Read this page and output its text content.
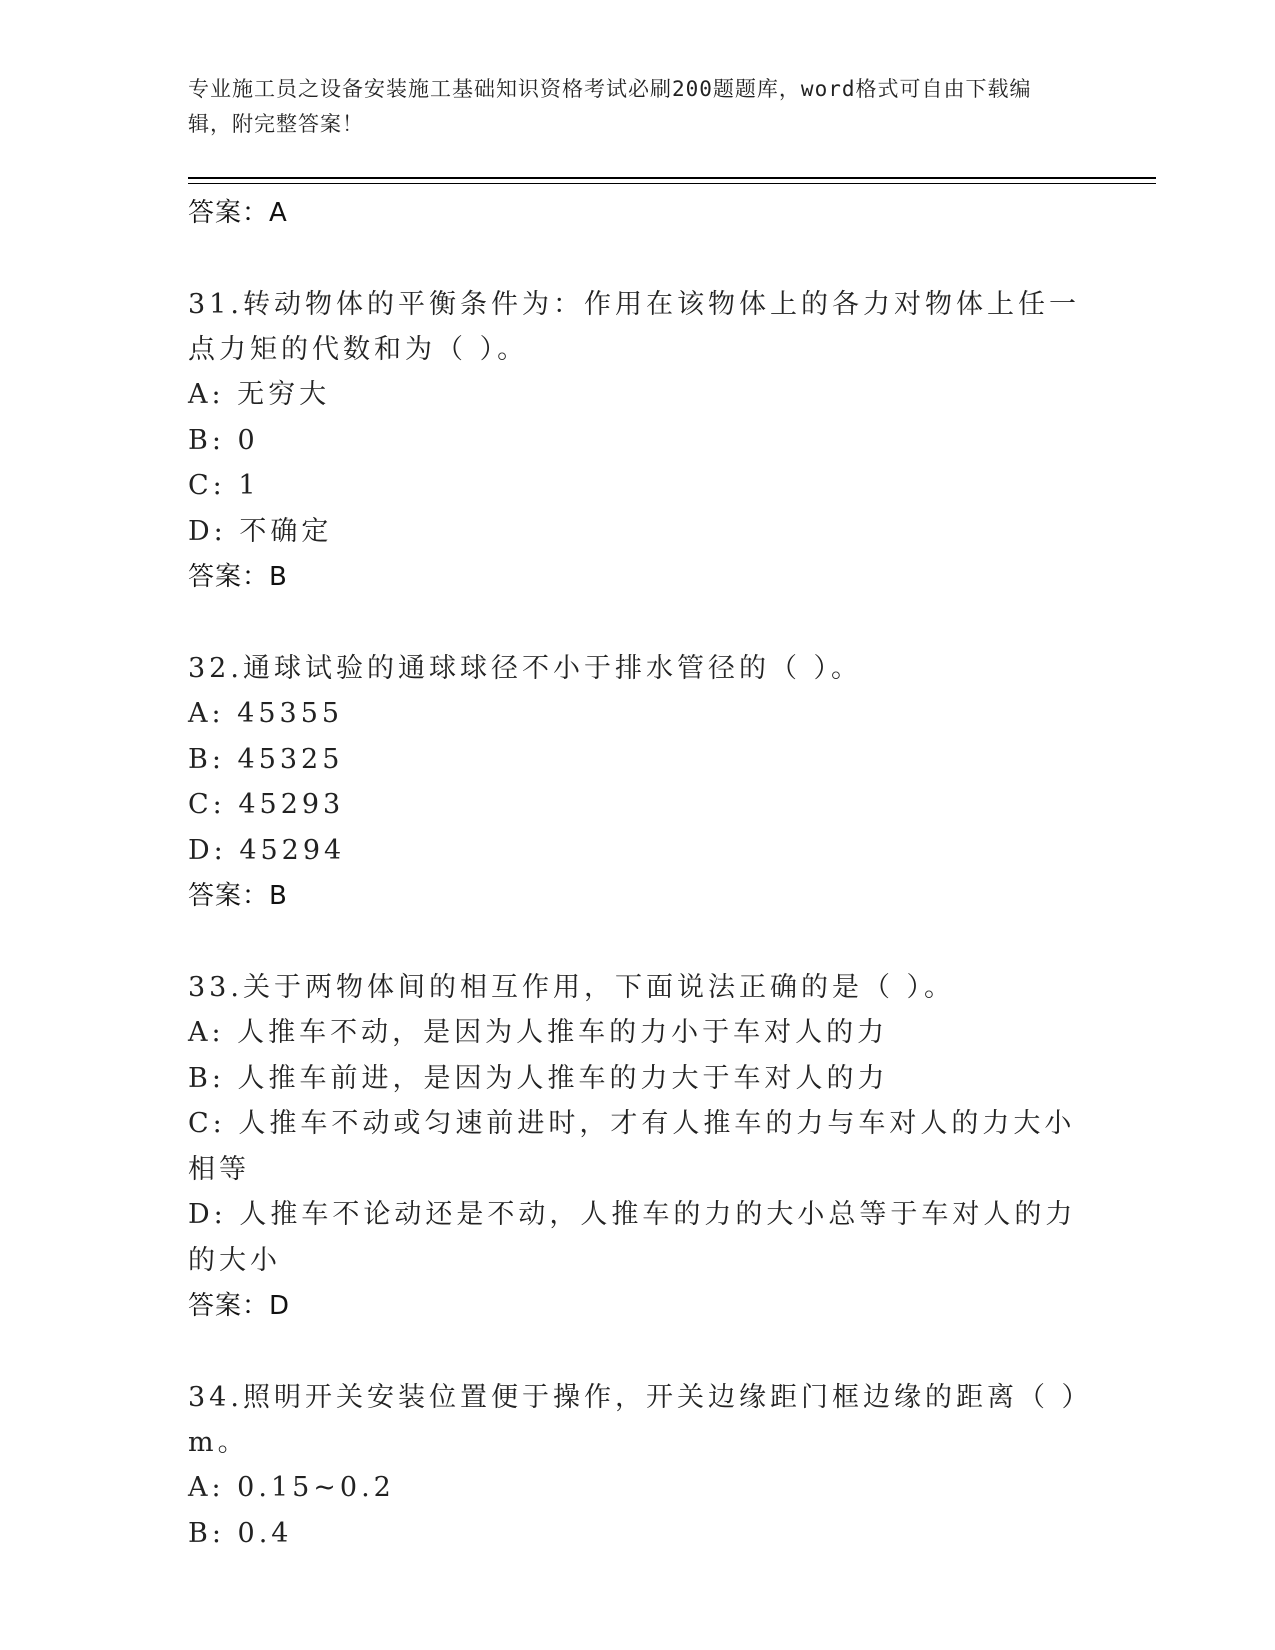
专业施工员之设备安装施工基础知识资格考试必刷200题题库，word格式可自由下载编辑，附完整答案！

答案：A

31.转动物体的平衡条件为：作用在该物体上的各力对物体上任一点力矩的代数和为（ ）。

A: 无穷大

B: 0

C: 1

D: 不确定

答案：B

32.通球试验的通球球径不小于排水管径的（ ）。

A: 45355

B: 45325

C: 45293

D: 45294

答案：B

33.关于两物体间的相互作用，下面说法正确的是（ ）。

A: 人推车不动，是因为人推车的力小于车对人的力

B: 人推车前进，是因为人推车的力大于车对人的力

C: 人推车不动或匀速前进时，才有人推车的力与车对人的力大小相等

D: 人推车不论动还是不动，人推车的力的大小总等于车对人的力的大小

答案：D

34.照明开关安装位置便于操作，开关边缘距门框边缘的距离（ ）m。

A: 0.15~0.2

B: 0.4
